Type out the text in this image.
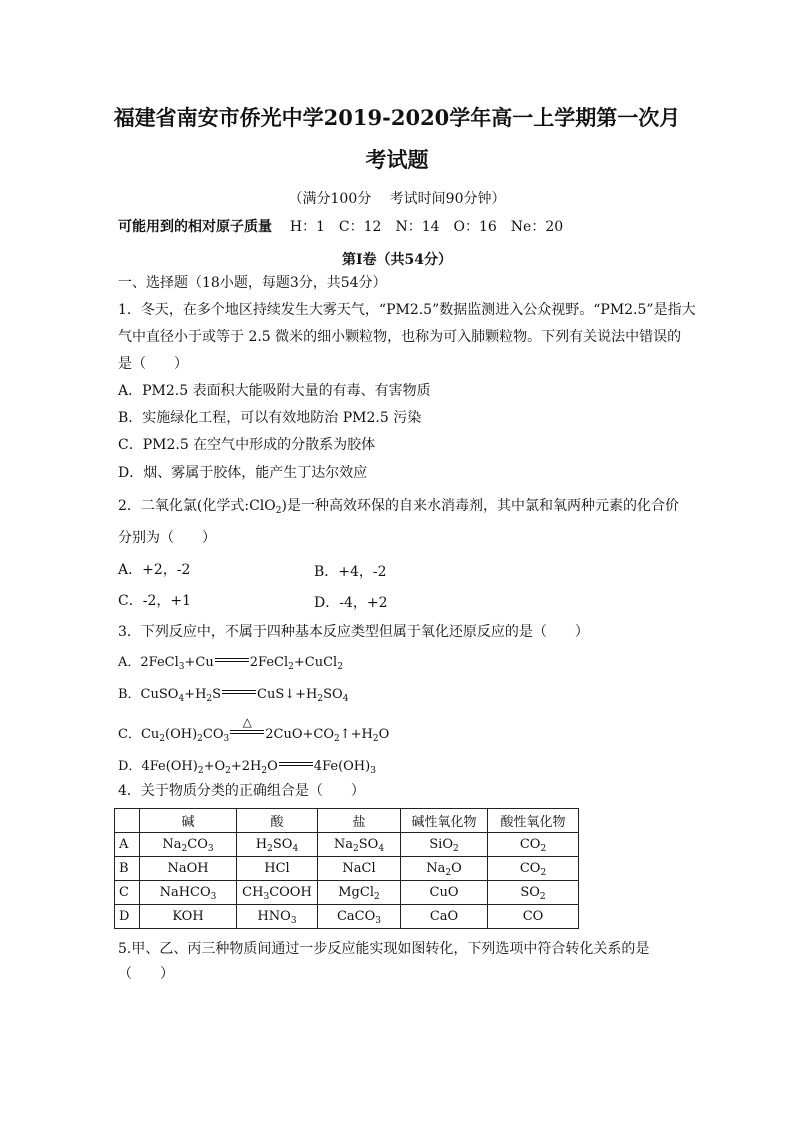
福建省南安市侨光中学2019-2020学年高一上学期第一次月
考试题
（满分100分　 考试时间90分钟）
可能用到的相对原子质量 H：1　C：12　N：14　O：16　Ne：20
第Ⅰ卷（共54分）
一、选择题（18小题，每题3分，共54分）
1．冬天，在多个地区持续发生大雾天气，“PM2.5”数据监测进入公众视野。“PM2.5”是指大
气中直径小于或等于 2.5 微米的细小颗粒物，也称为可入肺颗粒物。下列有关说法中错误的
是（　　）
A．PM2.5 表面积大能吸附大量的有毒、有害物质
B．实施绿化工程，可以有效地防治 PM2.5 污染
C．PM2.5 在空气中形成的分散系为胶体
D．烟、雾属于胶体，能产生丁达尔效应
2．二氧化氯(化学式:ClO$_2$)是一种高效环保的自来水消毒剂，其中氯和氧两种元素的化合价
分别为（　　）
A．+2，-2	B．+4，-2
C．-2，+1	D．-4，+2
3．下列反应中，不属于四种基本反应类型但属于氧化还原反应的是（　　）
A．2FeCl$_3$+Cu	2FeCl$_2$+CuCl$_2$
B．$CuSO_4+H_2S$	$CuS↓+H_2SO_4$
C．$Cu_2(OH)_2CO_3$
△
$2CuO+CO_2↑+H_2O$
D．$4Fe(OH)_2+O_2+2H_2O$	$4Fe(OH)_3$
4．关于物质分类的正确组合是（　　）
	碱	酸	盐	碱性氧化物	酸性氧化物
A	$Na_2CO_3$	$H_2SO_4$	$Na_2SO_4$	SiO$_2$	$CO_2$
B	NaOH	HCl	NaCl	$Na_2O$	$CO_2$
C	NaHCO$_3$	$CH_3COOH$	MgCl$_2$	CuO	$SO_2$
D	KOH	$HNO_3$	CaCO$_3$	CaO	CO
5.甲、乙、丙三种物质间通过一步反应能实现如图转化，下列选项中符合转化关系的是
（　　）
